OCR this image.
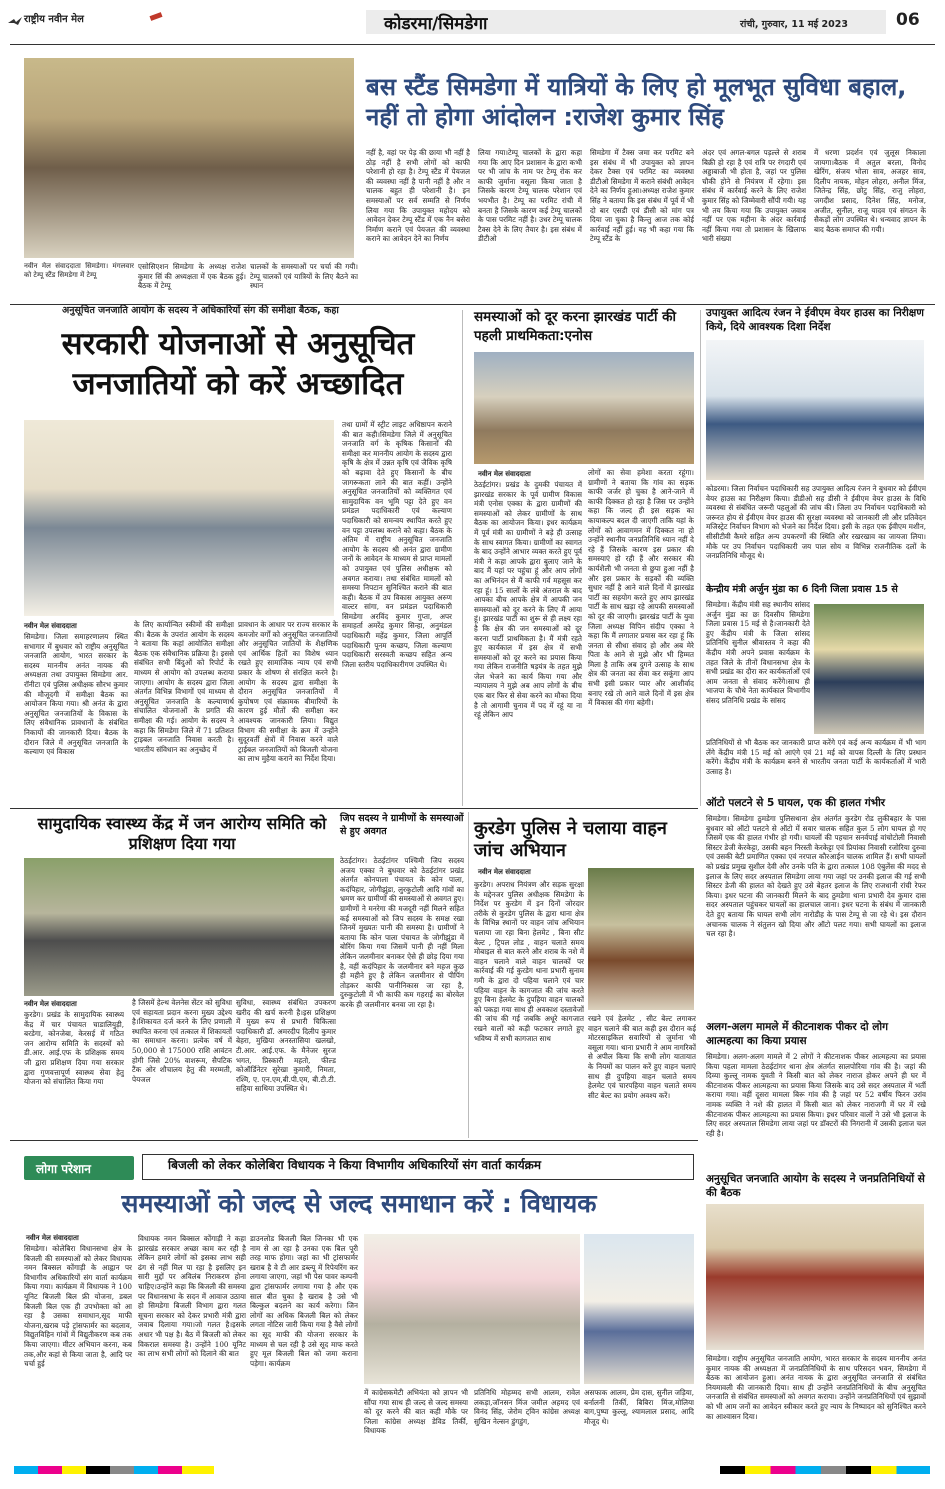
राष्ट्रीय नवीन मेल	कोडरमा/सिमडेगा	रांची, गुरुवार, 11 मई 2023	06
बस स्टैंड सिमडेगा में यात्रियों के लिए हो मूलभूत सुविधा बहाल, नहीं तो होगा आंदोलन :राजेश कुमार सिंह
नवीन मेल संवाददाता सिमडेगा। मंगलवार को टेम्पू स्टैंड सिमडेगा में टेम्पू
एसोसिएशन सिमडेगा के अध्यक्ष राजेश कुमार सिं की अध्यक्षता में एक बैठक हुई। बैठक में टेम्पू
चालकों के समस्याओं पर चर्चा की गयी। टेम्पू चालकों एवं यात्रियों के लिए बैठने का स्थान
नहीं है, वहां पर पेड़ की छाया भी नहीं है ठोड़ नहीं है सभी लोगों को काफी परेशानी हो रहा है। टेम्पू स्टैंड में पेयजल की व्यवस्था नहीं है पानी नहीं है और न चालक बहुत ही परेशानी है। इन समस्याओं पर सर्व सम्मति से निर्णय लिया गया कि उपायुक्त महोदय को आवेदन देकर टेम्पू स्टैंड में एक नैन बसेरा निर्माण कराने एवं पेयजल की व्यवस्था कराने का आवेदन देने का निर्णय
लिया गया।टेम्पू चालकों के द्वारा कहा गया कि आए दिन प्रशासन के द्वारा कभी पर भी जांच के नाम पर टेम्पू रोक कर काफी जुर्माना वसूला किया जाता है जिसके कारण टेम्पू चालक परेशान एवं भयभीत है। टेम्पू का परमिट रांची में बनता है जिसके कारण कई टेम्पू चालकों के पास परमिट नहीं है। उधर टेम्पू चालक टैक्स देने के लिए तैयार है। इस संबंध में डीटीओ
सिमडेगा में टैक्स जमा कर परमिट बने इस संबंध में भी उपायुक्त को ज्ञापन देकर टैक्स एवं परमिट का व्यवस्था डीटीओ सिमडेगा में कराने संबंधी आवेदन देने का निर्णय हुआ।अध्यक्ष राजेश कुमार सिंह ने बताया कि इस संबंध में पूर्व में भी दो बार एसडी एवं डीसी को मांग पत्र दिया जा चुका है किन्तु आज तक कोई कार्रवाई नहीं हुई। यह भी कहा गया कि टेम्पू स्टैंड के
अंदर एवं अगल-बगल पड़ल्ले से शराब बिक्री हो रहा है एवं रात्रि पर रंगदारी एवं अड्डाबाजी भी होता है, जहां पर पुलिस चौकी होने से नियंत्रण में रहेगा। इस संबंध में कार्रवाई करने के लिए राजेश कुमार सिंह को जिम्मेवारी सौंपी गयी। यह भी तय किया गया कि उपायुक्त जवाब नहीं पर एक महीना के अंदर कार्रवाई नहीं किया गया तो प्रशासन के खिलाफ भारी संख्या
में धरणा प्रदर्शन एवं जुलूस निकाला जायगा।बैठक में अतुल बरला, विनोद खेरिंग, संजय भोला साव, अजहर साव, दिलीप नायक, मोहन लोहरा, अनील मिंज, जितेन्द्र सिंह, छोटु सिंह, राजु लोहरा, जगदीश प्रसाद, दिनेश सिंह, मनोज, अजीत, सुनील, राजू यादव एवं संगठन के सैकड़ों लोग उपस्थित थे। धन्यवाद ज्ञापन के बाद बैठक समाप्त की गयी।
अनुसूचित जनजाति आयोग के सदस्य ने अधिकारियों संग की समीक्षा बैठक, कहा
सरकारी योजनाओं से अनुसूचित जनजातियों को करें अच्छादित
नवीन मेल संवाददाता
सिमडेगा। जिला समाहरणालय स्थित सभागार में बुधवार को राष्ट्रीय अनुसूचित जनजाति आयोग, भारत सरकार के सदस्य माननीय अनंत नायक की अध्यक्षता तथा उपायुक्त सिमडेगा आर. रॉनीटा एवं पुलिस अधीक्षक सौरभ कुमार की मौजूदगी में समीक्षा बैठक का आयोजन किया गया। श्री अनंत के द्वारा अनुसूचित जनजातियों के विकास के लिए संवैधानिक प्रावधानों के संबंधित निकायों की जानकारी दिया। बैठक के दौरान जिले में अनुसूचित जनजाति के कल्याण एवं विकास
के लिए कार्यान्वित स्कीमों की समीक्षा की। बैठक के उपरांत आयोग के सदस्य ने बताया कि कहां आयोजित समीक्षा बैठक एक संवैधानिक प्रक्रिया है। इससे संबंधित सभी बिंदुओं को रिपोर्ट के माध्यम से आयोग को उपलब्ध कराया जाएगा। आयोग के सदस्य द्वारा जिला अंतर्गत विभिन्न विभागों एवं माध्यम से अनुसूचित जनजाति के कल्याणार्थ संचालित योजनाओं के प्रगति की समीक्षा की गई। आयोग के सदस्य ने कहा कि सिमडेगा जिले में 71 प्रतिशत ट्राइबल जनजाति निवास करती है। भारतीय संविधान का अनुच्छेद में
प्रावधान के आधार पर राज्य सरकार के कमजोर वर्गों को अनुसूचित जनजातियों और अनुसूचित जातियों के शैक्षणिक एवं आर्थिक हितों का विशेष ध्यान रखते हुए सामाजिक न्याय एवं सभी प्रकार के शोषण से संरक्षित करने है। आयोग के सदस्य द्वारा समीक्षा के दौरान अनुसूचित जनजातियों में कुपोषण एवं संक्रामक बीमारियों के कारण हुई मौतों की समीक्षा कर आवश्यक जानकारी लिया। विद्युत विभाग की समीक्षा के क्रम में उन्होंने सुदूरवर्ती क्षेत्रों में निवास करने वाले ट्राईबल जनजातियों को बिजली योजना का लाभ मुहैया कराने का निर्देश दिया।
तथा ग्रामों में स्ट्रीट लाइट अधिष्ठापन कराने की बात कही।सिमडेगा जिले में अनुसूचित जनजाति वर्ग के कृषिक किसानों की समीक्षा कर माननीय आयोग के सदस्य द्वारा कृषि के क्षेत्र में उन्नत कृषि एवं जैविक कृषि को बढ़ावा देते हुए किसानों के बीच जागरूकता लाने की बात कहीं। उन्होंने अनुसूचित जनजातियों को व्यक्तिगत एवं सामुदायिक वन भूमि पट्टा देते हुए वन प्रमंडल पदाधिकारी एवं कल्याण पदाधिकारी को समन्वय स्थापित करते हुए वन पट्टा उपलब्ध कराने को कहा। बैठक के अंतिम में राष्ट्रीय अनुसूचित जनजाति आयोग के सदस्य श्री अनंत द्वारा ग्रामीण जनों के आवेदन के माध्यम से प्राप्त मामलों को उपायुक्त एवं पुलिस अधीक्षक को अवगत कराया। तथा संबंधित मामलों को समस्या निपटान सुनिश्चित कराने की बात कही। बैठक में उप विकास आयुक्त अरुण वाल्टर सांगा, वन प्रमंडल पदाधिकारी सिमडेगा अरविंद कुमार गुप्ता, अपर समाहर्ता अमरेंद्र कुमार सिन्हा, अनुमंडल पदाधिकारी महेंद्र कुमार, जिला आपूर्ति पदाधिकारी पूनम कच्छप, जिला कल्याण पदाधिकारी सरस्वती कच्छप सहित अन्य जिला स्तरीय पदाधिकारीगण उपस्थित थे।
समस्याओं को दूर करना झारखंड पार्टी की पहली प्राथमिकता:एनोस
नवीन मेल संवाददाता
ठेठईटांगर। प्रखंड के दुमकी पंचायत में झारखंड सरकार के पूर्व ग्रामीण विकास मंत्री एनोस एक्का के द्वारा ग्रामीणों की समस्याओं को लेकर ग्रामीणों के साथ बैठक का आयोजन किया। इधर कार्यक्रम में पूर्व मंत्री का ग्रामीणों ने बड़े ही उत्साह के साथ स्वागत किया। ग्रामीणों का स्वागत के बाद उन्होंने आभार व्यक्त करते हुए पूर्व मंत्री ने कहा आपके द्वारा बुलाए जाने के बाद मैं यहां पर पहुंचा हूं और आप लोगों का अभिनंदन से मैं काफी गर्व महसूस कर रहा हूं। 15 सालों के लंबे अंतराल के बाद आपका बीच आपके क्षेत्र में आपकी जन समस्याओं को दूर करने के लिए मैं आया हूं। झारखंड पार्टी का शुरू से ही लक्ष्य रहा है कि क्षेत्र की जन समस्याओं को दूर करना पार्टी प्राथमिकता है। मैं मंत्री रहते हुए कार्यकाल में इस क्षेत्र में सभी समस्याओं को दूर करने का प्रयास किया गया लेकिन राजनीति षड़यंत्र के तहत मुझे जेल भेजने का कार्य किया गया और न्यायालय ने मुझे अब आप लोगों के बीच एक बार फिर से सेवा करने का मौका दिया है तो आगामी चुनाव में पद में रहूं या ना रहूं लेकिन आप
लोगों का सेवा हमेशा करता रहूंगा। ग्रामीणों ने बताया कि गांव का सड़क काफी जर्जर हो चुका है आने-जाने में काफी दिक्कत हो रहा है जिस पर उन्होंने कहा कि जल्द ही इस सड़क का कायाकल्प बदल दी जाएगी ताकि यहां के लोगों को आवागमन में दिक्कत ना हो उन्होंने स्थानीय जनप्रतिनिधि ध्यान नहीं दे रहे हैं जिसके कारण इस प्रकार की समस्याएं हो रही हैं और सरकार की कार्यशैली भी जनता से छुपा हुआ नहीं है और इस प्रकार के सड़कों की व्यक्ति सुधार नहीं है आने वाले दिनों में झारखंड पार्टी का सहयोग करते हुए आप झारखंड पार्टी के साथ खड़ा रहे आपकी समस्याओं को दूर की जाएगी। झारखंड पार्टी के युवा जिला अध्यक्ष विपिन संदीप एक्का ने कहा कि मैं लगातार प्रयास कर रहा हूं कि जनता से सीधा संवाद हो और अब मेरे पिता के आने से मुझे और भी हिम्मत मिला है ताकि अब दुगने उत्साह के साथ क्षेत्र की जनता का सेवा कर सकूंगा आप सभी इसी प्रकार प्यार और आशीर्वाद बनाए रखे तो आने वाले दिनों में इस क्षेत्र में विकास की गंगा बहेगी।
उपायुक्त आदित्य रंजन ने ईवीएम वेयर हाउस का निरीक्षण किये, दिये आवश्यक दिशा निर्देश
कोडरमा। जिला निर्वाचन पदाधिकारी सह उपायुक्त आदित्य रंजन ने बुधवार को ईवीएम वेयर हाउस का निरीक्षण किया। डीडीओ सह डीसी ने ईवीएम वेयर हाउस के विधि व्यवस्था से संबंधित जरूरी पहलुओं की जांच की। जिला उप निर्वाचन पदाधिकारी को जरूरत होय से ईवीएम वेयर हाउस की सुरक्षा व्यवस्था को जानकारी ली और प्रतिवेदन मजिस्ट्रेट निर्वाचन विभाग को भेजने का निर्देश दिया। इसी के तहत एक ईवीएम मशीन, सीसीटीवी कैमरे सहित अन्य उपकरणों की स्थिति और रखरखाव का जायजा लिया। मौके पर उप निर्वाचन पदाधिकारी जय पाल सोय व विभिन्न राजनीतिक दलों के जनप्रतिनिधि मौजूद थे।
केन्द्रीय मंत्री अर्जुन मुंडा का 6 दिनी जिला प्रवास 15 से
सिमडेगा। केंद्रीय मंत्री सह स्थानीय सांसद अर्जुन मुंडा का छः दिवसीय सिमडेगा जिला प्रवास 15 मई से है।जानकारी देते हुए केंद्रीय मंत्री के जिला सांसद प्रतिनिधि सुनील श्रीवास्तव ने कहा की केंद्रीय मंत्री अपने प्रवास कार्यक्रम के तहत जिले के तीनों विधानसभा क्षेत्र के सभी प्रखंड का दौरा कर कार्यकर्ताओं एवं आम जनता से संवाद करेंगे।साथ ही भाजपा के चौथे नेता कार्यकाल विभागीय संसद प्रतिनिधि प्रखंड के सांसद
प्रतिनिधियों से भी बैठक कर जानकारी प्राप्त करेंगे एवं कई अन्य कार्यक्रम में भी भाग लेंगे केंद्रीय मंत्री 15 मई को आएंगे एवं 21 मई को वापस दिल्ली के लिए प्रस्थान करेंगे। केंद्रीय मंत्री के कार्यक्रम बनने से भारतीय जनता पार्टी के कार्यकर्ताओं में भारी उत्साह है।
ऑटो पलटने से 5 घायल, एक की हालत गंभीर
सिमडेगा। सिमडेगा ठुमडेगा पुलिसथाना क्षेत्र अंतर्गत कुरडेग रोड लुकीबहार के पास बुधवार को ऑटो पलटने से ऑटो में सवार चालक सहित कुल 5 लोग घायल हो गए जिसमें एक की हालत गंभीर हो गयी। घायलों की पहचान सनर्वपाई वांचोटोली निवासी सिस्टर डेजी केरकेट्टा, उसकी बहन निरस्ती केरकेट्टा एवं प्रियांका निवासी रजोरिया दुरुवा एवं उसकी बेटी प्रमाणित एक्का एवं नरपाल कौरआईन चालक शामिल हैं। सभी घायलों को प्रखंड प्रमुख सुशील देवी और उनके पति के द्वारा तत्काल 108 एंबुलेंस की मदद से इलाज के लिए सदर अस्पताल सिमडेगा लाया गया जहां पर उनकी इलाज की गई सभी सिस्टर डेजी की हालत को देखते हुए उसे बेहतर इलाज के लिए राजधानी रांची रेफर किया। इधर घटना की जानकारी मिलने के बाद ठुमडेगा थाना प्रभारी देव कुमार दास सदर अस्पताल पहुंचकर घायलों का हालचाल जाना। इधर घटना के संबंध में जानकारी देते हुए बताया कि घायल सभी लोग नारोडीह के पास टेम्पू से जा रहे थे। इस दौरान अचानक चालक ने संतुलन खो दिया और ऑटो पलट गया। सभी घायलों का इलाज चल रहा है।
अलग-अलग मामले में कीटनाशक पीकर दो लोग आत्महत्या का किया प्रयास
सिमडेगा। अलग-अलग मामले में 2 लोगों ने कीटनाशक पीकर आत्महत्या का प्रयास किया पहला मामला ठेठईटांगर थाना क्षेत्र अंतर्गत सालपोरिया गांव की है। जहां की दिव्या कुल्लू नामक युवती ने किसी बात को लेकर नाराज होकर अपने ही घर में कीटनाशक पीकर आत्महत्या का प्रयास किया जिसके बाद उसे सदर अस्पताल में भर्ती कराया गया। वहीं दूसरा मामला बिरू गांव की है जहां पर 52 वर्षीय फिरन उरांव नामक व्यक्ति ने नशे की हालत में किसी बात को लेकर नाराजगी में घर में रखे कीटनाशक पीकर आत्महत्या का प्रयास किया। इधर परिवार वालों ने उसे भी इलाज के लिए सदर अस्पताल सिमडेगा लाया जहां पर डॉक्टरों की निगरानी में उसकी इलाज चल रही है।
अनुसूचित जनजाति आयोग के सदस्य ने जनप्रतिनिधियों से की बैठक
सिमडेगा। राष्ट्रीय अनुसूचित जनजाति आयोग, भारत सरकार के सदस्य माननीय अनंत कुमार नायक की अध्यक्षता में जनप्रतिनिधियों के साथ परिसदन भवन, सिमडेगा में बैठक का आयोजन हुआ। अनंत नायक के द्वारा अनुसूचित जनजाति से संबंधित नियमावली की जानकारी दिया। साथ ही उन्होंने जनप्रतिनिधियों के बीच अनुसूचित जनजाति से संबंधित समस्याओं को अवगत कराया। उन्होंने जनप्रतिनिधियों एवं सुझावों को भी आम जनों का आवेदन स्वीकार करते हुए न्याय के निष्पादन को सुनिश्चित करने का आश्वासन दिया।
सामुदायिक स्वास्थ्य केंद्र में जन आरोग्य समिति को प्रशिक्षण दिया गया
नवीन मेल संवाददाता
कुरडेग। प्रखंड के सामुदायिक स्वास्थ्य केंद्र में चार पंचायत चाडालियुड़ी, बरडेगा, कोनजेबा, केरसई में गठित जन आरोग्य समिति के सदस्यों को डी.आर. आई.एफ के प्रशिक्षक समय जी द्वारा प्रशिक्षण दिया गया सरकार द्वारा गुणवत्तापूर्ण स्वास्थ्य सेवा हेतु योजना को संचालित किया गया
है जिसमें हेल्थ वेलनेस सेंटर को सुविधा एवं सहायता प्रदान करना मुख्य उद्देश्य है।शिकायत दर्ज करने के लिए प्रणाली स्थापित करना एवं तत्काल में शिकायतों का समाधान करना। प्रत्येक वर्ष में 50,000 से 175000 राशि आवंटन होगी जिसे 20% वाशरूम, सैपटिक टैंक ओर शौचालय हेतु की मरम्मती, पेयजल
सुविधा, स्वास्थ्य संबंधित उपकरण खरीद की खर्च करनी है।इस प्रशिक्षण में मुख्य रूप से प्रभारी चिकित्सा पदाधिकारी डॉ. अमरदीप दिलीप कुमार बेहरा, मुखिया अनस्तासिया खलखो, टी.आर. आई.एफ. के मैनेजर सुरज भगत, प्रिस्कारी महतो, फील्ड कोऑर्डिनेटर सुरेखा कुमारी, निमता, रश्मि, ए. एन.एम,बी.पी.एम, बी.टी.टी. सहिया साथिया उपस्थित थे।
जिप सदस्य ने ग्रामीणों के समस्याओं से हुए अवगत
ठेठईटांगर। ठेठईटांगर पश्चिमी जिप सदस्य अजय एक्का ने बुधवार को ठेठईटांगर प्रखंड अंतर्गत कोनपाला पंचायत के कोन पाला, कदंपिहार, जोगीझुंडा, लुरकुटोली आदि गांवों का भ्रमण कर ग्रामीणों की समस्याओं से अवगत हुए। ग्रामीणों ने मनरेगा की मजदूरी नहीं मिलने सहित कई समस्याओं को जिप सदस्य के समक्ष रखा जिनमें मुख्यतः पानी की समस्या है। ग्रामीणों ने बताया कि कोन पाला पंचायत के जोगीझुंडा में बोरिंग किया गया जिसमें पानी ही नहीं मिला लेकिन जलमीनार बनाकर ऐसे ही छोड़ दिया गया है, वहीं कदंपिहार के जलमीनार बने महज कुछ ही महीने हुए है लेकिन जलमीनार से पीपिंग तोड़कर काफी पानीनिकास जा रहा है, दुरुकुटोली में भी काफी कम गहराई का बोरवेल करके ही जलमीनार बनवा जा रहा है।
कुरडेग पुलिस ने चलाया वाहन जांच अभियान
नवीन मेल संवाददाता
कुरडेग। अपराध नियंत्रण और सड़क सुरक्षा के मद्देनजर पुलिस अधीक्षक सिमडेगा के निर्देश पर कुरडेग में इन दिनों जोरदार तरीके से कुरडेग पुलिस के द्वारा थाना क्षेत्र के विभिन्न स्थानों पर वाहन जांच अभियान चलाया जा रहा बिना हेलमेट , बिना सीट बेल्ट , ट्रिपल लोड , वाहन चलाते समय मोबाइल से बात करने और शराब के नशे में वाहन चलाने वाले वाहन चालकों पर कार्रवाई की गई कुरडेग थाना प्रभारी सुनाम गमी के द्वारा दो पहिया चलाने एवं चार पहिया वाहन के कागजात की जांच करते हुए बिना हेलमेट के दुपहिया वाहन चालकों को पकड़ा गया साथ ही अवकाश दस्तावेजों की जांच की गई जबकि अधूरे कागजात रखने वालों को कड़ी फटकार लगाते हुए भविष्य में सभी कागजात साथ
रखने एवं हेलमेट , सीट बेल्ट लगाकर वाहन चलाने की बात कही इस दौरान कई मोटरसाइकिल सवारियों से जुर्माना भी वसूला गया। थाना प्रभारी ने आम नागरिकों से अपील किया कि सभी लोग यातायात के नियमों का पालन करें हुए वाहन चलाएं साथ ही दुपहिया वाहन चलाते समय हेलमेट एवं चारपहिया वाहन चलाते समय सीट बेल्ट का प्रयोग अवश्य करें।
लोगा परेशान	बिजली को लेकर कोलेबिरा विधायक ने किया विभागीय अधिकारियों संग वार्ता कार्यक्रम
समस्याओं को जल्द से जल्द समाधान करें : विधायक
नवीन मेल संवाददाता
सिमडेगा। कोलेबिरा विधानसभा क्षेत्र के बिजली की समस्याओं को लेकर विधायक नमन बिक्सल कोंगाड़ी के आह्वान पर विभागीय अधिकारियों संग वार्ता कार्यक्रम किया गया। कार्यक्रम में विधायक ने 100 यूनिट बिजली बिल फ्री योजना, डबल बिजली बिल एक ही उपभोक्ता को आ रहा है उसका समाधान,सूद माफी योजना,खराब पड़े ट्रांसफार्मर का बदलाव, विद्युतविहिन गांवों में विद्युतीकरण कब तक किया जाएगा। मीटर अभियान करना, कब तक,और कहां से किया जाता है, आदि पर चर्चा हुई
विधायक नमन बिक्सल कोंगाड़ी ने कहा झारखंड सरकार अच्छा काम कर रही है लेकिन हमारे लोगों को इसका लाभ सही ढंग से नहीं मिल पा रहा है इसलिए इन सारी मुद्दों पर अविलंब निराकरण होना चाहिए।उन्होंने कहा कि बिजली की समस्या पर विधानसभा के सदन में आवाज उठाया हो सिमडेगा बिजली विभाग द्वारा गलत सूचना सरकार को देकर प्रभारी मंत्री द्वारा जवाब दिलाया गया।जो गलत है।इसके अधार भी पक्ष है। बैठ में बिजली को लेकर विकराल समस्या है। उन्होंने 100 यूनिट का लाभ सभी लोगों को दिलाने की बात
डाउनलोड बिजली बिल जिनका भी एक नाम से आ रहा है उनका एक बिल पूरी तरह माफ होगा। जहां का भी ट्रांसफार्मर खराब है वे टी आर डब्ल्यू में रिपेयरिंग कर लगाया जाएगा, जहां भी पेस पावर कम्पनी द्वारा ट्रांसफार्मर लगाया गया है और एक साल बीत चुका है खराब है उसे भी बिल्कुल बदलने का कार्य करेगा। जिन लोगों का अधिक बिजली बिल को लेकर लगता नोटिस जारी किया गया है वैसे लोगों का सूद माफी की योजना सरकार के माध्यम से चल रही है उसे सूद माफ करते हुए मूल बिजली बिल को जमा कराना पड़ेगा। कार्यक्रम
में काग्रेसकमेटी अभियंता को ज्ञापन भी सौंपा गया साथ ही जल्द से जल्द समस्या को दूर करने की बात कही मौके पर जिला कांग्रेस अध्यक्ष डेविड तिर्की, विधायक
प्रतिनिधि मोहम्मद सभी आलम, रावेल लकड़ा,जॉनसन मिंज जमील अहमद एवं विनंद सिंह, जेरोम ट्विन कांग्रेस अध्यक्ष सुखिन नेल्सन डुंगडुंग,
असफाक आलम, प्रेम दास, सुनील जड़िया, बर्नालनी तिर्की, बिबिरा मिंज,मोलिया बाग,पुष्पा कुल्लू, श्यामलाल प्रसाद, आदि मौजूद थे।
